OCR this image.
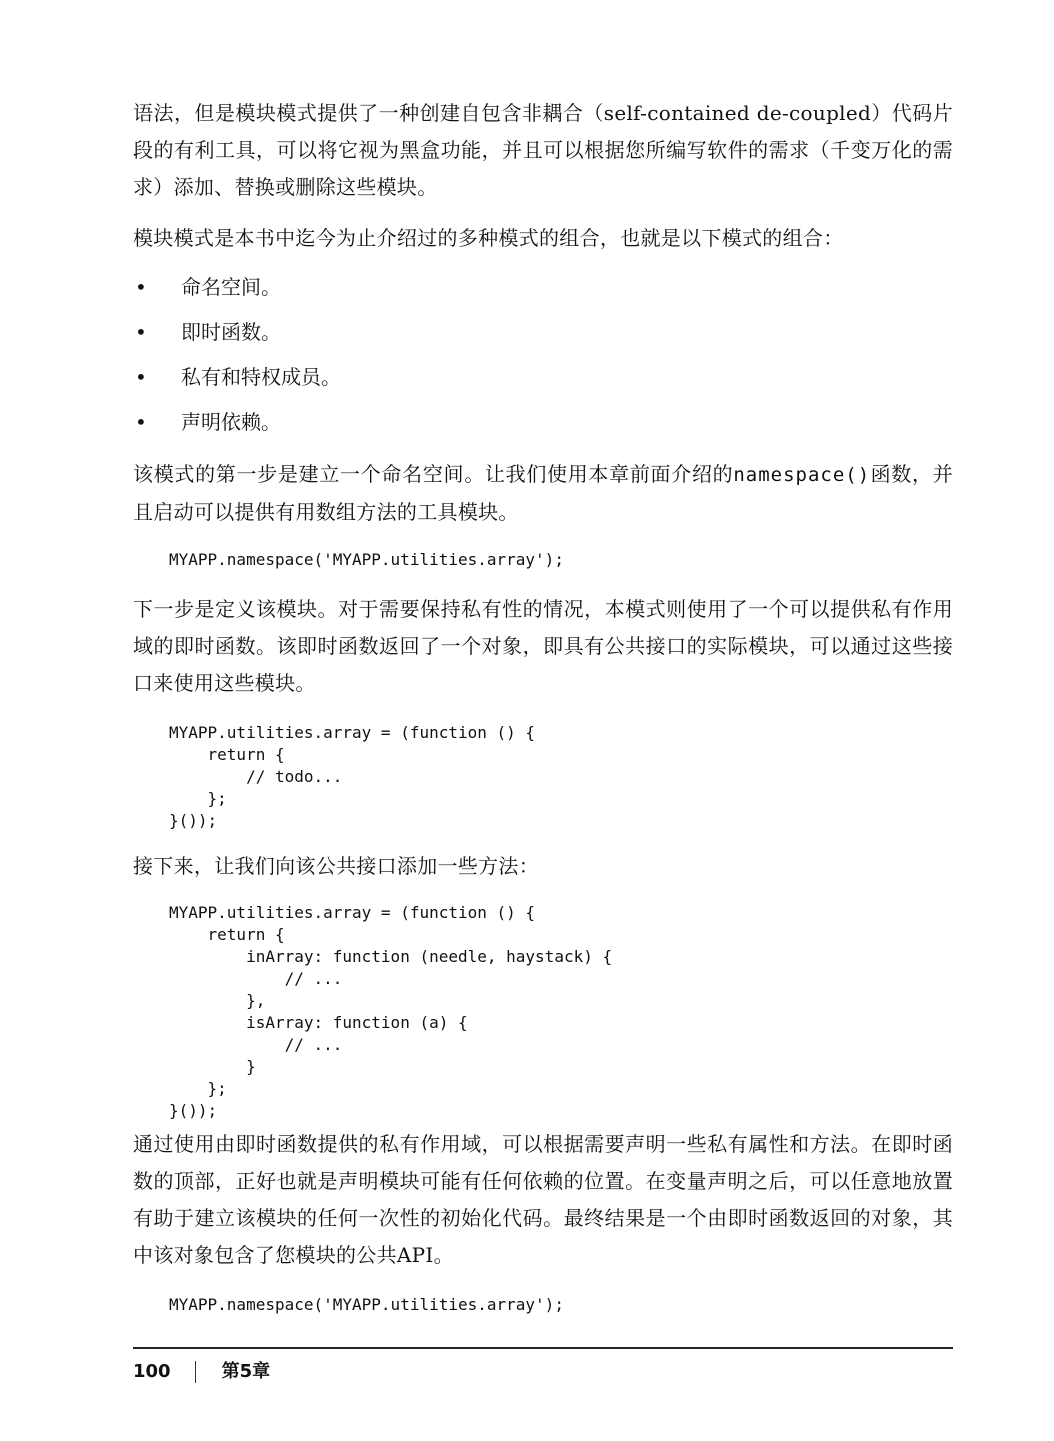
语法，但是模块模式提供了一种创建自包含非耦合（self-contained de-coupled）代码片段的有利工具，可以将它视为黑盒功能，并且可以根据您所编写软件的需求（千变万化的需求）添加、替换或删除这些模块。

模块模式是本书中迄今为止介绍过的多种模式的组合，也就是以下模式的组合：

• 命名空间。
• 即时函数。
• 私有和特权成员。
• 声明依赖。

该模式的第一步是建立一个命名空间。让我们使用本章前面介绍的namespace()函数，并且启动可以提供有用数组方法的工具模块。

MYAPP.namespace('MYAPP.utilities.array');

下一步是定义该模块。对于需要保持私有性的情况，本模式则使用了一个可以提供私有作用域的即时函数。该即时函数返回了一个对象，即具有公共接口的实际模块，可以通过这些接口来使用这些模块。

MYAPP.utilities.array = (function () {
return {
// todo...
};
}());

接下来，让我们向该公共接口添加一些方法：

MYAPP.utilities.array = (function () {
return {
inArray: function (needle, haystack) {
// ...
},
isArray: function (a) {
// ...
}
};
}());

通过使用由即时函数提供的私有作用域，可以根据需要声明一些私有属性和方法。在即时函数的顶部，正好也就是声明模块可能有任何依赖的位置。在变量声明之后，可以任意地放置有助于建立该模块的任何一次性的初始化代码。最终结果是一个由即时函数返回的对象，其中该对象包含了您模块的公共API。

MYAPP.namespace('MYAPP.utilities.array');
100	第5章
